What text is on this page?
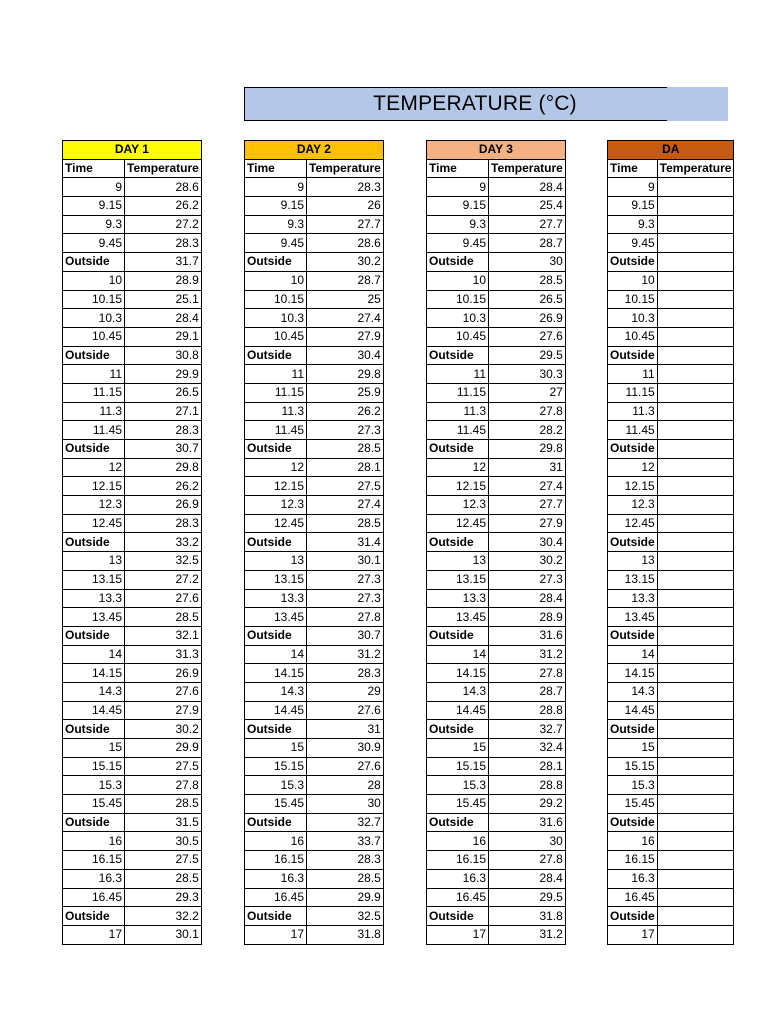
TEMPERATURE (°C)
DAY 1	
Time	Temperature
9	28.6
9.15	26.2
9.3	27.2
9.45	28.3
Outside	31.7
10	28.9
10.15	25.1
10.3	28.4
10.45	29.1
Outside	30.8
11	29.9
11.15	26.5
11.3	27.1
11.45	28.3
Outside	30.7
12	29.8
12.15	26.2
12.3	26.9
12.45	28.3
Outside	33.2
13	32.5
13.15	27.2
13.3	27.6
13.45	28.5
Outside	32.1
14	31.3
14.15	26.9
14.3	27.6
14.45	27.9
Outside	30.2
15	29.9
15.15	27.5
15.3	27.8
15.45	28.5
Outside	31.5
16	30.5
16.15	27.5
16.3	28.5
16.45	29.3
Outside	32.2
17	30.1
DAY 2	
Time	Temperature
9	28.3
9.15	26
9.3	27.7
9.45	28.6
Outside	30.2
10	28.7
10.15	25
10.3	27.4
10.45	27.9
Outside	30.4
11	29.8
11.15	25.9
11.3	26.2
11.45	27.3
Outside	28.5
12	28.1
12.15	27.5
12.3	27.4
12.45	28.5
Outside	31.4
13	30.1
13.15	27.3
13.3	27.3
13.45	27.8
Outside	30.7
14	31.2
14.15	28.3
14.3	29
14.45	27.6
Outside	31
15	30.9
15.15	27.6
15.3	28
15.45	30
Outside	32.7
16	33.7
16.15	28.3
16.3	28.5
16.45	29.9
Outside	32.5
17	31.8
DAY 3	
Time	Temperature
9	28.4
9.15	25.4
9.3	27.7
9.45	28.7
Outside	30
10	28.5
10.15	26.5
10.3	26.9
10.45	27.6
Outside	29.5
11	30.3
11.15	27
11.3	27.8
11.45	28.2
Outside	29.8
12	31
12.15	27.4
12.3	27.7
12.45	27.9
Outside	30.4
13	30.2
13.15	27.3
13.3	28.4
13.45	28.9
Outside	31.6
14	31.2
14.15	27.8
14.3	28.7
14.45	28.8
Outside	32.7
15	32.4
15.15	28.1
15.3	28.8
15.45	29.2
Outside	31.6
16	30
16.15	27.8
16.3	28.4
16.45	29.5
Outside	31.8
17	31.2
DA	
Time	Temperature
9	
9.15	
9.3	
9.45	
Outside	
10	
10.15	
10.3	
10.45	
Outside	
11	
11.15	
11.3	
11.45	
Outside	
12	
12.15	
12.3	
12.45	
Outside	
13	
13.15	
13.3	
13.45	
Outside	
14	
14.15	
14.3	
14.45	
Outside	
15	
15.15	
15.3	
15.45	
Outside	
16	
16.15	
16.3	
16.45	
Outside	
17	
